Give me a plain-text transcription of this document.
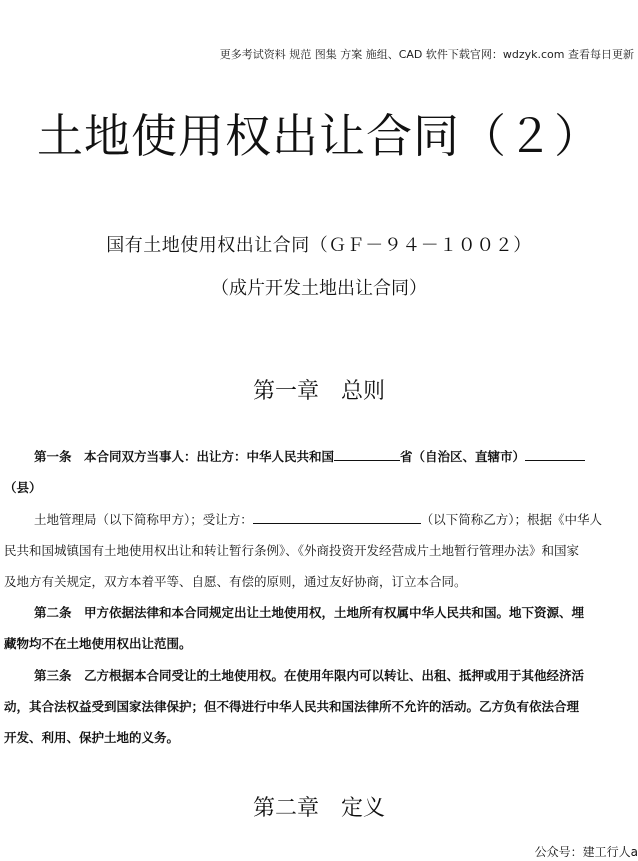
更多考试资料 规范 图集 方案 施组、CAD 软件下载官网：wdzyk.com 查看每日更新
土地使用权出让合同（２）
国有土地使用权出让合同（ＧＦ－９４－１００２）
（成片开发土地出让合同）
第一章　总则
第一条　本合同双方当事人：出让方：中华人民共和国	省（自治区、直辖市）
（县）
土地管理局（以下简称甲方）；受让方：	（以下简称乙方）；根据《中华人
民共和国城镇国有土地使用权出让和转让暂行条例》、《外商投资开发经营成片土地暂行管理办法》和国家
及地方有关规定，双方本着平等、自愿、有偿的原则，通过友好协商，订立本合同。
第二条　甲方依据法律和本合同规定出让土地使用权，土地所有权属中华人民共和国。地下资源、埋
藏物均不在土地使用权出让范围。
第三条　乙方根据本合同受让的土地使用权。在使用年限内可以转让、出租、抵押或用于其他经济活
动，其合法权益受到国家法律保护；但不得进行中华人民共和国法律所不允许的活动。乙方负有依法合理
开发、利用、保护土地的义务。
第二章　定义
公众号：建工行人a
